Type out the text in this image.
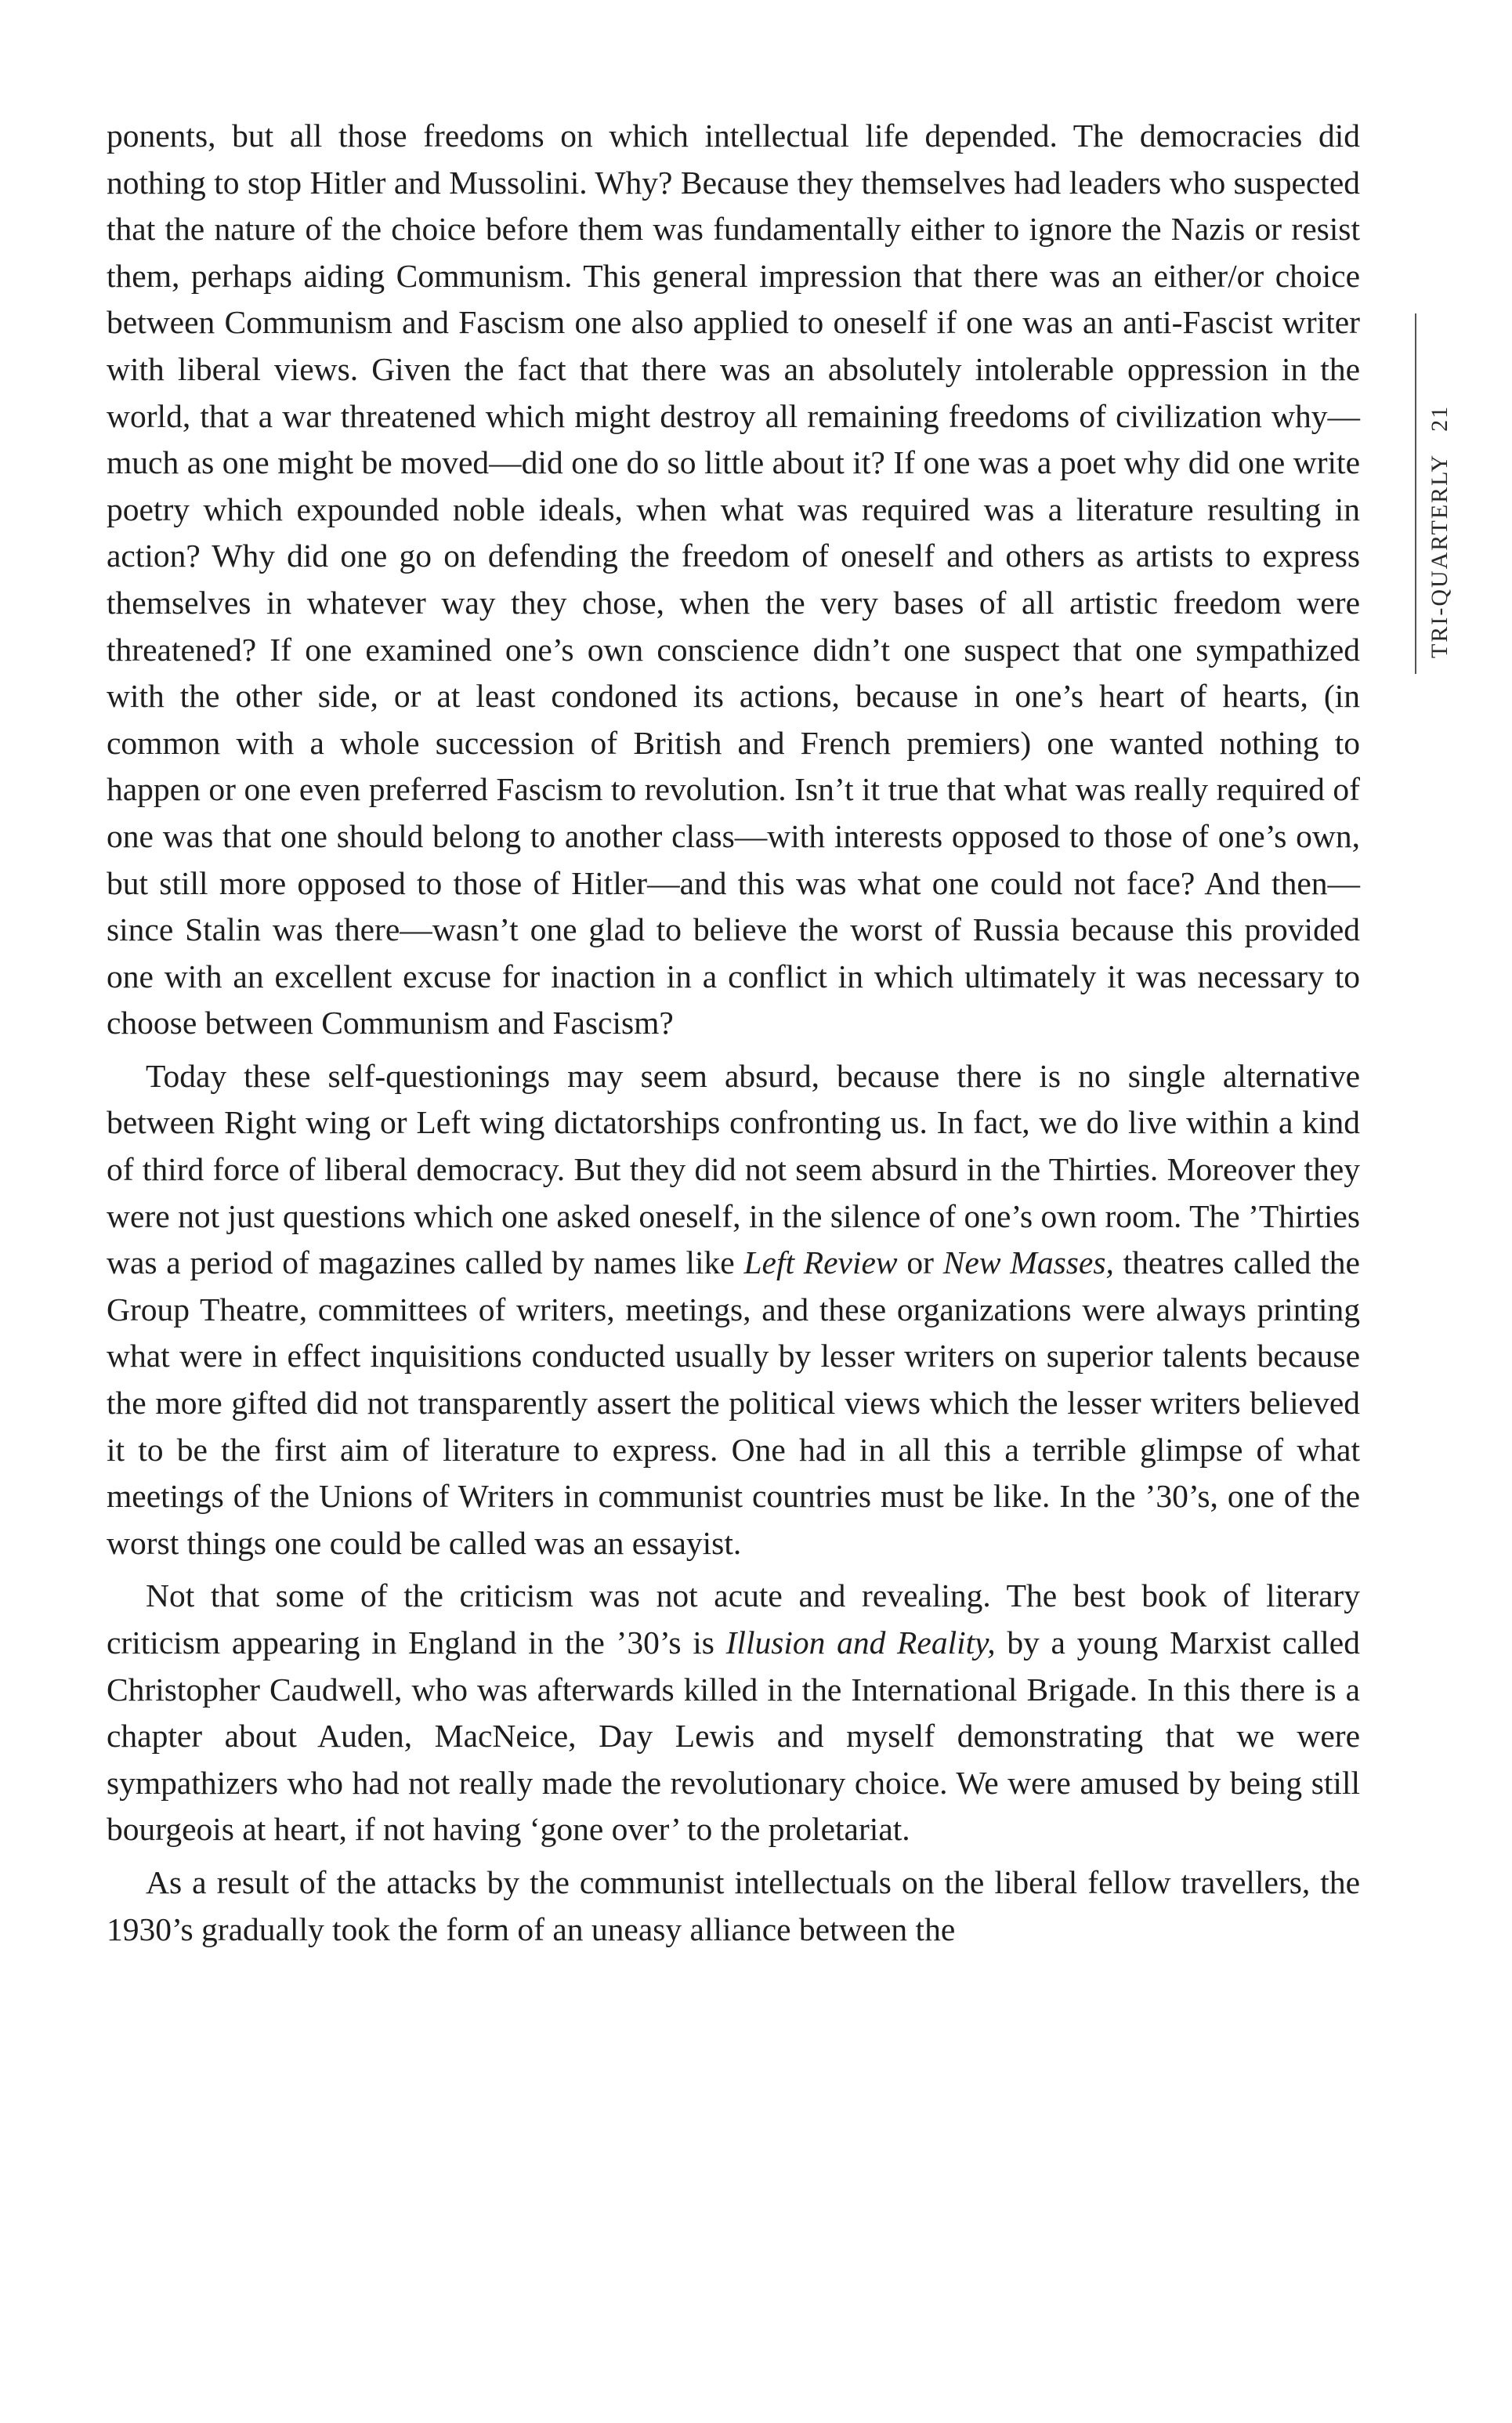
ponents, but all those freedoms on which intellectual life depended. The democracies did nothing to stop Hitler and Mussolini. Why? Because they themselves had leaders who suspected that the nature of the choice before them was fundamentally either to ignore the Nazis or resist them, perhaps aiding Communism. This general impression that there was an either/or choice between Communism and Fascism one also applied to oneself if one was an anti-Fascist writer with liberal views. Given the fact that there was an absolutely intolerable oppression in the world, that a war threatened which might destroy all remaining freedoms of civilization why—much as one might be moved—did one do so little about it? If one was a poet why did one write poetry which expounded noble ideals, when what was required was a literature resulting in action? Why did one go on defending the freedom of oneself and others as artists to express themselves in whatever way they chose, when the very bases of all artistic freedom were threatened? If one examined one’s own conscience didn’t one suspect that one sympathized with the other side, or at least condoned its actions, because in one’s heart of hearts, (in common with a whole succession of British and French premiers) one wanted nothing to happen or one even preferred Fascism to revolution. Isn’t it true that what was really required of one was that one should belong to another class—with interests opposed to those of one’s own, but still more opposed to those of Hitler—and this was what one could not face? And then—since Stalin was there—wasn’t one glad to believe the worst of Russia because this provided one with an excellent excuse for inaction in a conflict in which ultimately it was necessary to choose between Communism and Fascism?

Today these self-questionings may seem absurd, because there is no single alternative between Right wing or Left wing dictatorships confronting us. In fact, we do live within a kind of third force of liberal democracy. But they did not seem absurd in the Thirties. Moreover they were not just questions which one asked oneself, in the silence of one’s own room. The ’Thirties was a period of magazines called by names like Left Review or New Masses, theatres called the Group Theatre, committees of writers, meetings, and these organizations were always printing what were in effect inquisitions conducted usually by lesser writers on superior talents because the more gifted did not transparently assert the political views which the lesser writers believed it to be the first aim of literature to express. One had in all this a terrible glimpse of what meetings of the Unions of Writers in communist countries must be like. In the ’30’s, one of the worst things one could be called was an essayist.

Not that some of the criticism was not acute and revealing. The best book of literary criticism appearing in England in the ’30’s is Illusion and Reality, by a young Marxist called Christopher Caudwell, who was afterwards killed in the International Brigade. In this there is a chapter about Auden, MacNeice, Day Lewis and myself demonstrating that we were sympathizers who had not really made the revolutionary choice. We were amused by being still bourgeois at heart, if not having ‘gone over’ to the proletariat.

As a result of the attacks by the communist intellectuals on the liberal fellow travellers, the 1930’s gradually took the form of an uneasy alliance between the

TRI-QUARTERLY
21
